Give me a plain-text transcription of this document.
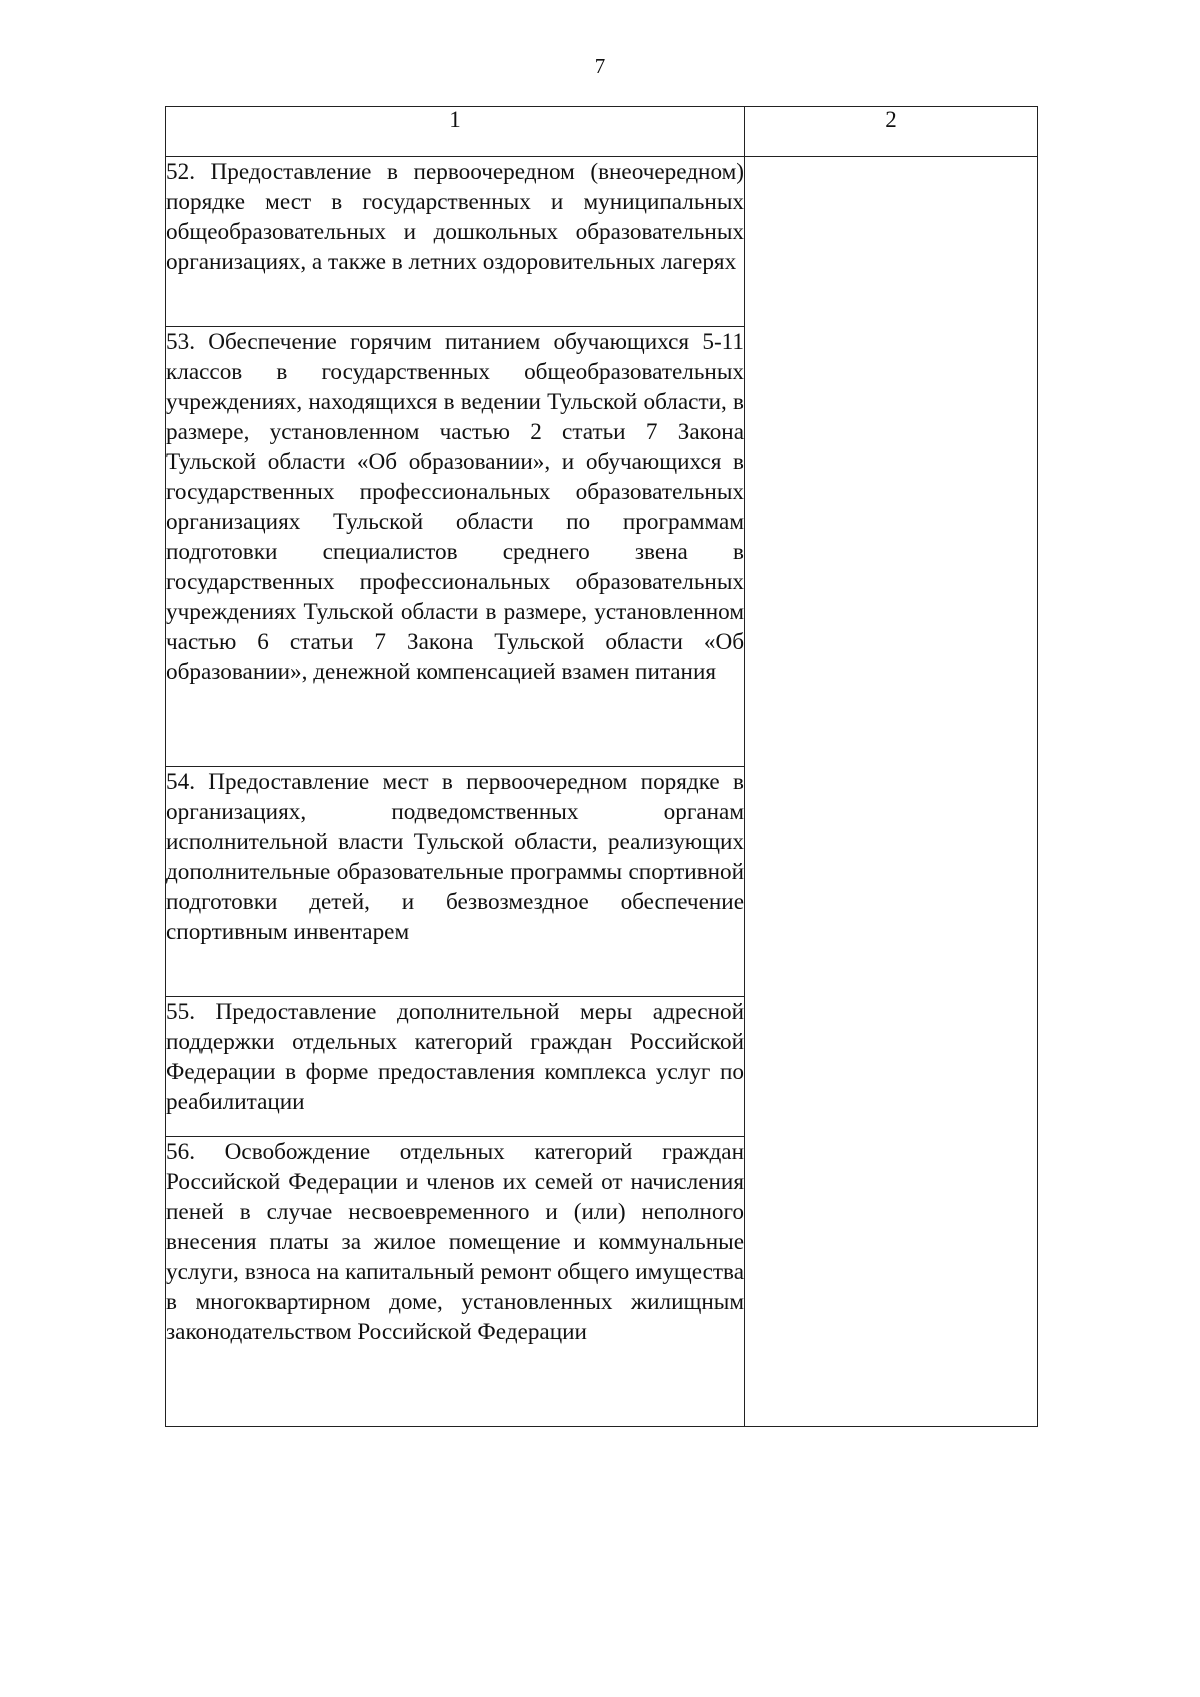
7
1	2

52. Предоставление в первоочередном (внеочередном) порядке мест в государственных и муниципальных общеобразовательных и дошкольных образовательных организациях, а также в летних оздоровительных лагерях	

53. Обеспечение горячим питанием обучающихся 5-11 классов в государственных общеобразовательных учреждениях, находящихся в ведении Тульской области, в размере, установленном частью 2 статьи 7 Закона Тульской области «Об образовании», и обучающихся в государственных профессиональных образовательных организациях Тульской области по программам подготовки специалистов среднего звена в государственных профессиональных образовательных учреждениях Тульской области в размере, установленном частью 6 статьи 7 Закона Тульской области «Об образовании», денежной компенсацией взамен питания	

54. Предоставление мест в первоочередном порядке в организациях, подведомственных органам исполнительной власти Тульской области, реализующих дополнительные образовательные программы спортивной подготовки детей, и безвозмездное обеспечение спортивным инвентарем	

55. Предоставление дополнительной меры адресной поддержки отдельных категорий граждан Российской Федерации в форме предоставления комплекса услуг по реабилитации	

56. Освобождение отдельных категорий граждан Российской Федерации и членов их семей от начисления пеней в случае несвоевременного и (или) неполного внесения платы за жилое помещение и коммунальные услуги, взноса на капитальный ремонт общего имущества в многоквартирном доме, установленных жилищным законодательством Российской Федерации	
